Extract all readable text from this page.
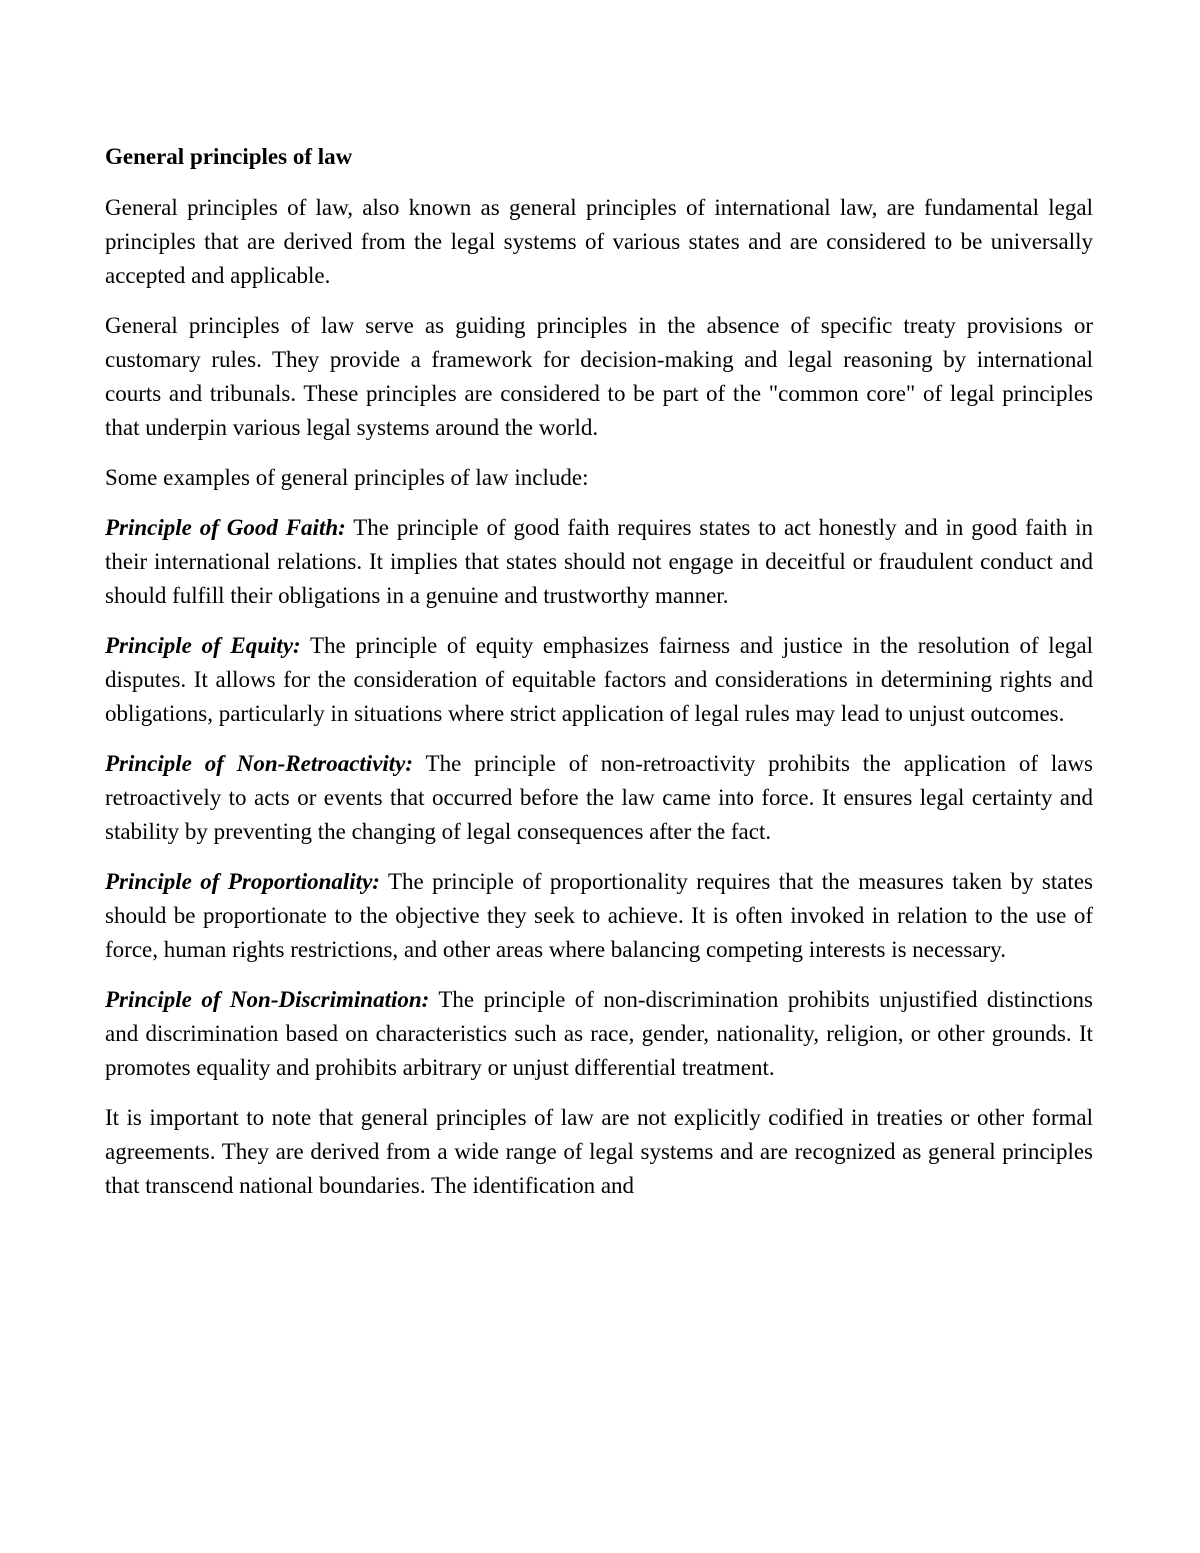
General principles of law

General principles of law, also known as general principles of international law, are fundamental legal principles that are derived from the legal systems of various states and are considered to be universally accepted and applicable.

General principles of law serve as guiding principles in the absence of specific treaty provisions or customary rules. They provide a framework for decision-making and legal reasoning by international courts and tribunals. These principles are considered to be part of the "common core" of legal principles that underpin various legal systems around the world.

Some examples of general principles of law include:

Principle of Good Faith: The principle of good faith requires states to act honestly and in good faith in their international relations. It implies that states should not engage in deceitful or fraudulent conduct and should fulfill their obligations in a genuine and trustworthy manner.

Principle of Equity: The principle of equity emphasizes fairness and justice in the resolution of legal disputes. It allows for the consideration of equitable factors and considerations in determining rights and obligations, particularly in situations where strict application of legal rules may lead to unjust outcomes.

Principle of Non-Retroactivity: The principle of non-retroactivity prohibits the application of laws retroactively to acts or events that occurred before the law came into force. It ensures legal certainty and stability by preventing the changing of legal consequences after the fact.

Principle of Proportionality: The principle of proportionality requires that the measures taken by states should be proportionate to the objective they seek to achieve. It is often invoked in relation to the use of force, human rights restrictions, and other areas where balancing competing interests is necessary.

Principle of Non-Discrimination: The principle of non-discrimination prohibits unjustified distinctions and discrimination based on characteristics such as race, gender, nationality, religion, or other grounds. It promotes equality and prohibits arbitrary or unjust differential treatment.

It is important to note that general principles of law are not explicitly codified in treaties or other formal agreements. They are derived from a wide range of legal systems and are recognized as general principles that transcend national boundaries. The identification and
